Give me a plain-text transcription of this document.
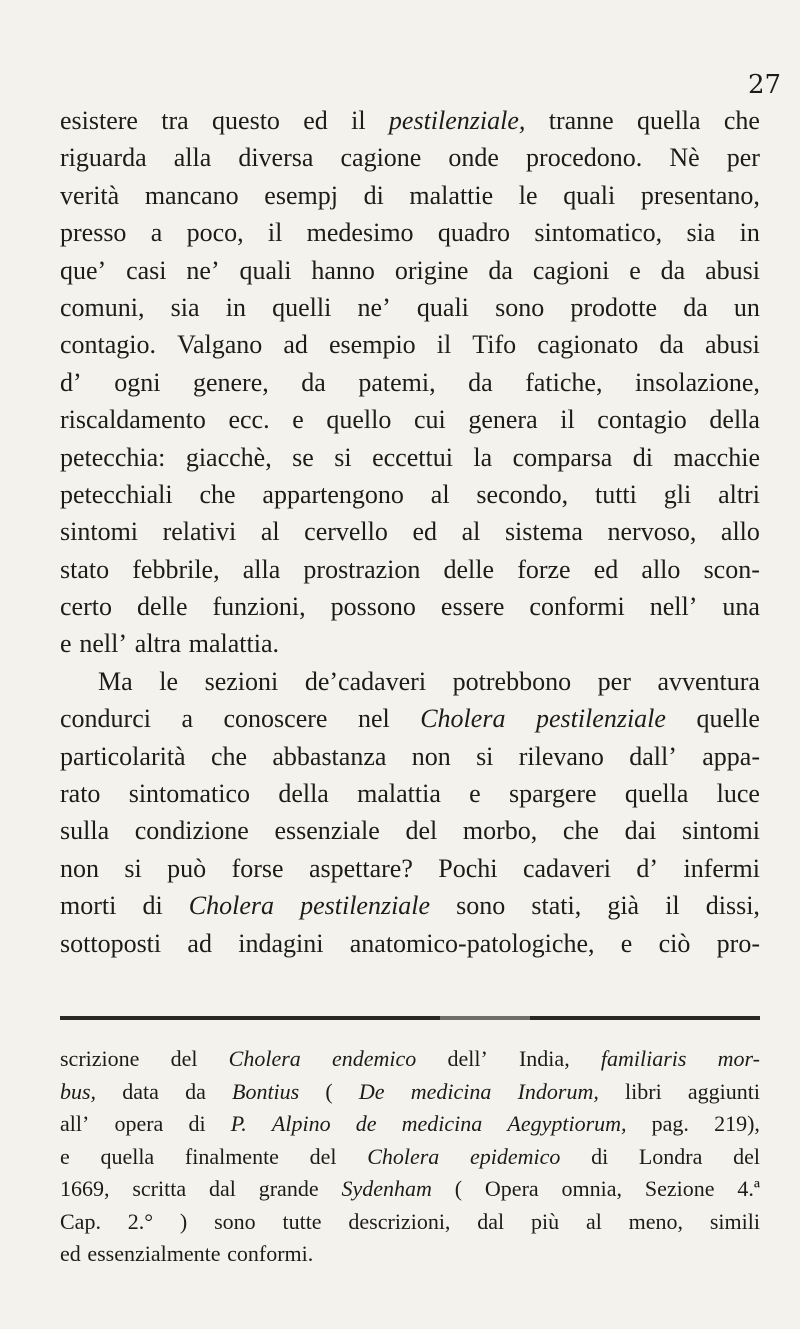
27
esistere tra questo ed il pestilenziale, tranne quella che
riguarda alla diversa cagione onde procedono. Nè per
verità mancano esempj di malattie le quali presentano,
presso a poco, il medesimo quadro sintomatico, sia in
que’ casi ne’ quali hanno origine da cagioni e da abusi
comuni, sia in quelli ne’ quali sono prodotte da un
contagio. Valgano ad esempio il Tifo cagionato da abusi
d’ ogni genere, da patemi, da fatiche, insolazione,
riscaldamento ecc. e quello cui genera il contagio della
petecchia: giacchè, se si eccettui la comparsa di macchie
petecchiali che appartengono al secondo, tutti gli altri
sintomi relativi al cervello ed al sistema nervoso, allo
stato febbrile, alla prostrazion delle forze ed allo scon-
certo delle funzioni, possono essere conformi nell’ una
e nell’ altra malattia.
Ma le sezioni de’cadaveri potrebbono per avventura
condurci a conoscere nel Cholera pestilenziale quelle
particolarità che abbastanza non si rilevano dall’ appa-
rato sintomatico della malattia e spargere quella luce
sulla condizione essenziale del morbo, che dai sintomi
non si può forse aspettare? Pochi cadaveri d’ infermi
morti di Cholera pestilenziale sono stati, già il dissi,
sottoposti ad indagini anatomico-patologiche, e ciò pro-
scrizione del Cholera endemico dell’ India, familiaris mor-
bus, data da Bontius ( De medicina Indorum, libri aggiunti
all’ opera di P. Alpino de medicina Aegyptiorum, pag. 219),
e quella finalmente del Cholera epidemico di Londra del
1669, scritta dal grande Sydenham ( Opera omnia, Sezione 4.ª
Cap. 2.° ) sono tutte descrizioni, dal più al meno, simili
ed essenzialmente conformi.
